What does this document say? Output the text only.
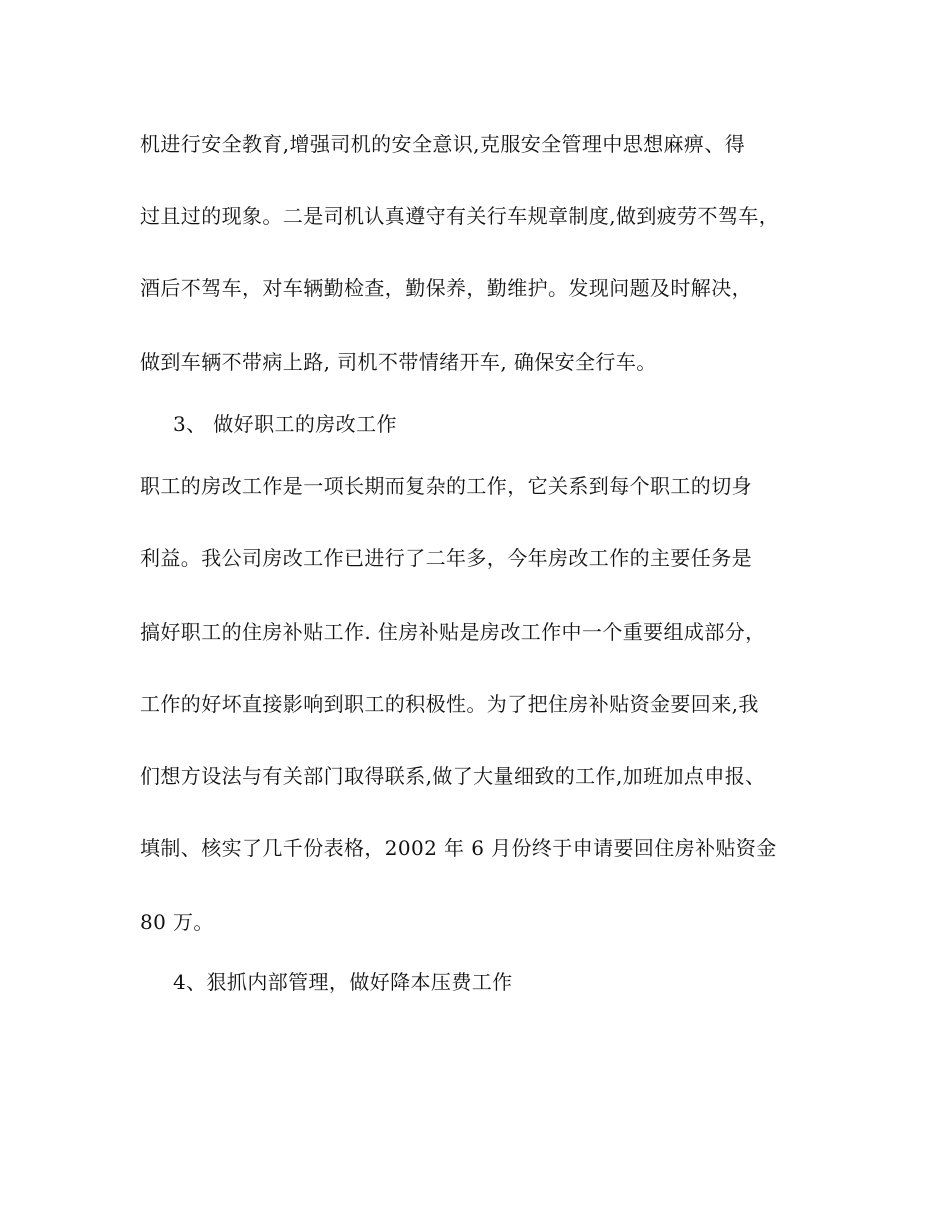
机进行安全教育,增强司机的安全意识,克服安全管理中思想麻痹、得
过且过的现象。二是司机认真遵守有关行车规章制度,做到疲劳不驾车，
酒后不驾车，对车辆勤检查，勤保养，勤维护。发现问题及时解决，
做到车辆不带病上路, 司机不带情绪开车, 确保安全行车。
3、 做好职工的房改工作
职工的房改工作是一项长期而复杂的工作，它关系到每个职工的切身
利益。我公司房改工作已进行了二年多，今年房改工作的主要任务是
搞好职工的住房补贴工作. 住房补贴是房改工作中一个重要组成部分，
工作的好坏直接影响到职工的积极性。为了把住房补贴资金要回来,我
们想方设法与有关部门取得联系,做了大量细致的工作,加班加点申报、
填制、核实了几千份表格，2002 年 6 月份终于申请要回住房补贴资金
80 万。
4、狠抓内部管理，做好降本压费工作
